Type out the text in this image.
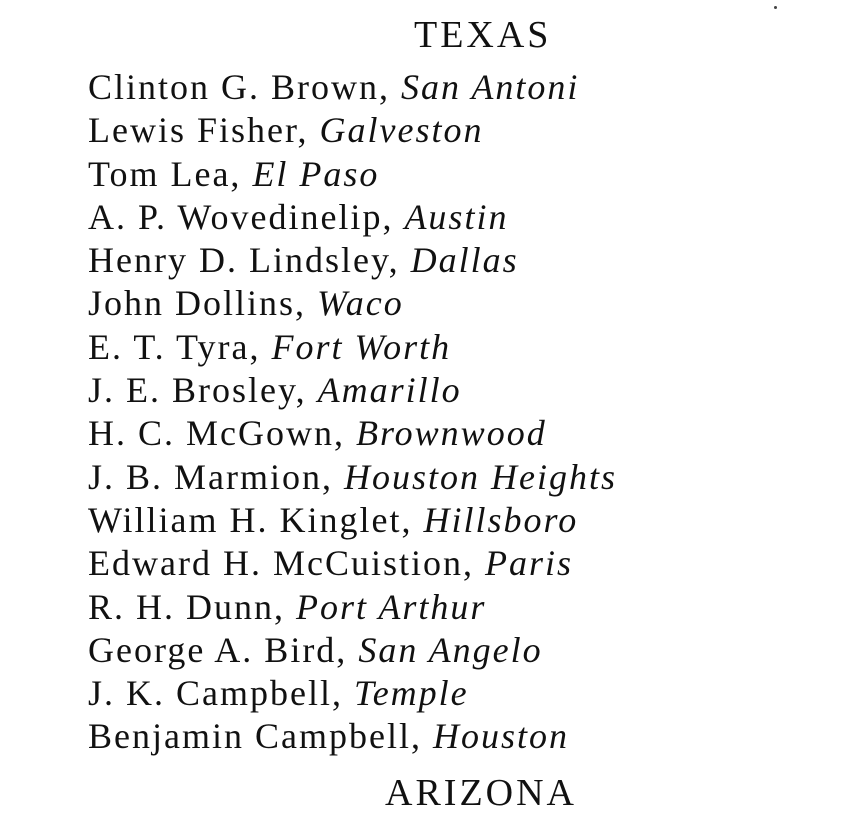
TEXAS
Clinton G. Brown, San Antoni
Lewis Fisher, Galveston
Tom Lea, El Paso
A. P. Wovedinelip, Austin
Henry D. Lindsley, Dallas
John Dollins, Waco
E. T. Tyra, Fort Worth
J. E. Brosley, Amarillo
H. C. McGown, Brownwood
J. B. Marmion, Houston Heights
William H. Kinglet, Hillsboro
Edward H. McCuistion, Paris
R. H. Dunn, Port Arthur
George A. Bird, San Angelo
J. K. Campbell, Temple
Benjamin Campbell, Houston
ARIZONA
